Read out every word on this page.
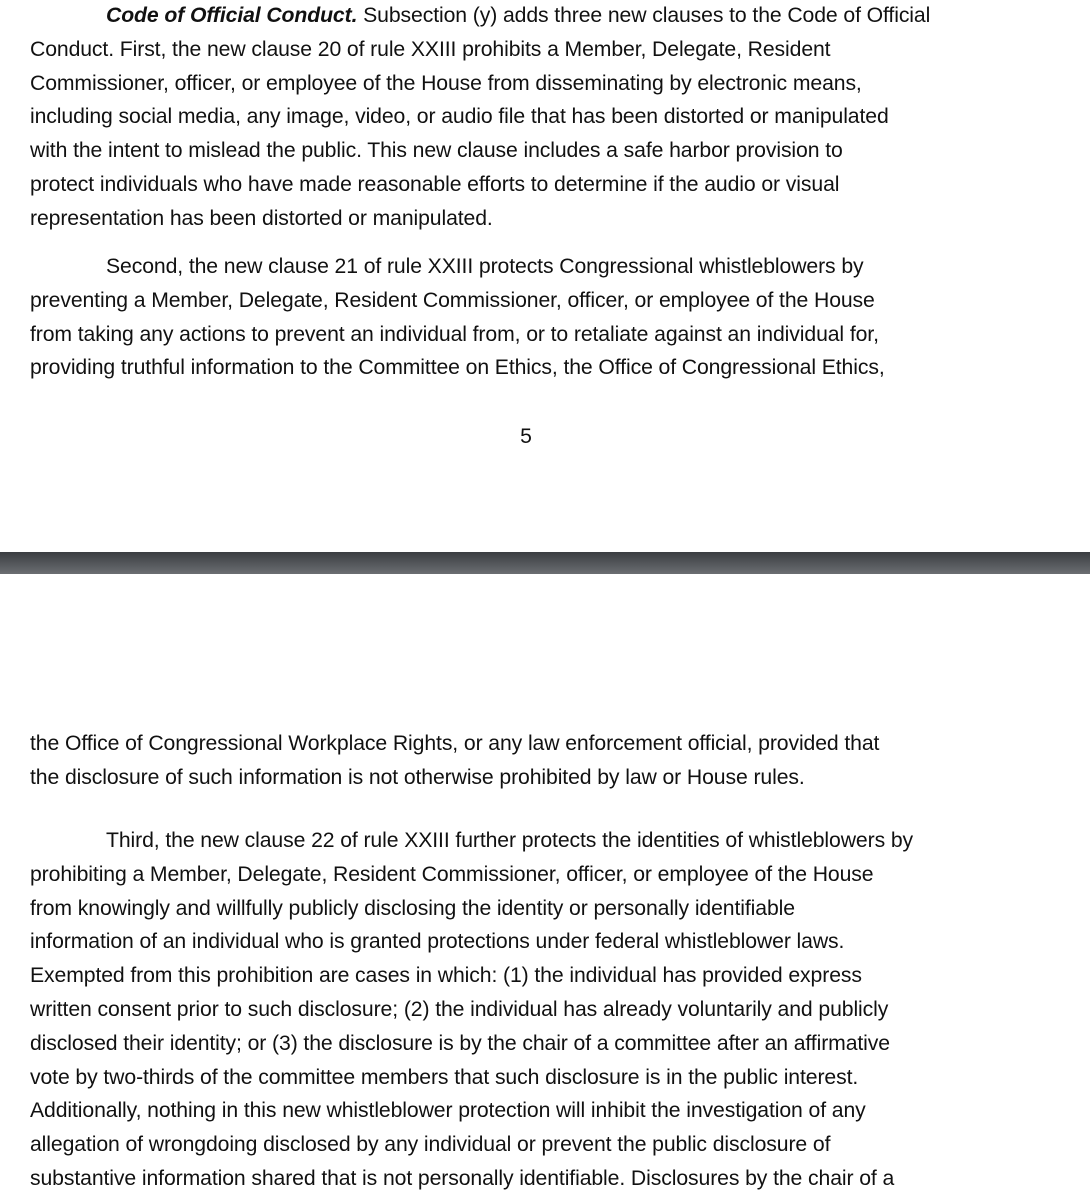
Code of Official Conduct. Subsection (y) adds three new clauses to the Code of Official
Conduct. First, the new clause 20 of rule XXIII prohibits a Member, Delegate, Resident
Commissioner, officer, or employee of the House from disseminating by electronic means,
including social media, any image, video, or audio file that has been distorted or manipulated
with the intent to mislead the public. This new clause includes a safe harbor provision to
protect individuals who have made reasonable efforts to determine if the audio or visual
representation has been distorted or manipulated.
Second, the new clause 21 of rule XXIII protects Congressional whistleblowers by
preventing a Member, Delegate, Resident Commissioner, officer, or employee of the House
from taking any actions to prevent an individual from, or to retaliate against an individual for,
providing truthful information to the Committee on Ethics, the Office of Congressional Ethics,
5
the Office of Congressional Workplace Rights, or any law enforcement official, provided that
the disclosure of such information is not otherwise prohibited by law or House rules.
Third, the new clause 22 of rule XXIII further protects the identities of whistleblowers by
prohibiting a Member, Delegate, Resident Commissioner, officer, or employee of the House
from knowingly and willfully publicly disclosing the identity or personally identifiable
information of an individual who is granted protections under federal whistleblower laws.
Exempted from this prohibition are cases in which: (1) the individual has provided express
written consent prior to such disclosure; (2) the individual has already voluntarily and publicly
disclosed their identity; or (3) the disclosure is by the chair of a committee after an affirmative
vote by two-thirds of the committee members that such disclosure is in the public interest.
Additionally, nothing in this new whistleblower protection will inhibit the investigation of any
allegation of wrongdoing disclosed by any individual or prevent the public disclosure of
substantive information shared that is not personally identifiable. Disclosures by the chair of a
